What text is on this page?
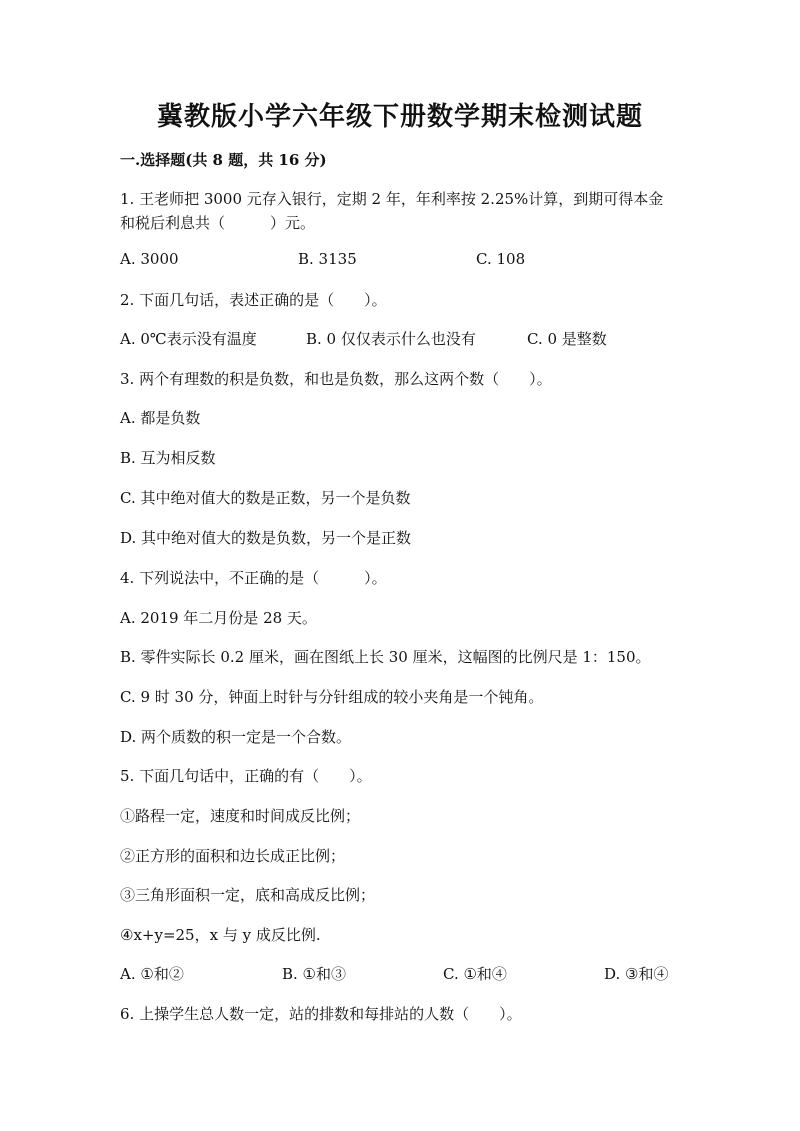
冀教版小学六年级下册数学期末检测试题
一.选择题(共 8 题，共 16 分)
1. 王老师把 3000 元存入银行，定期 2 年，年利率按 2.25%计算，到期可得本金
和税后利息共（　　　）元。
A. 3000	B. 3135	C. 108
2. 下面几句话，表述正确的是（　　）。
A. 0℃表示没有温度	B. 0 仅仅表示什么也没有	C. 0 是整数
3. 两个有理数的积是负数，和也是负数，那么这两个数（　　）。
A. 都是负数
B. 互为相反数
C. 其中绝对值大的数是正数，另一个是负数
D. 其中绝对值大的数是负数，另一个是正数
4. 下列说法中，不正确的是（　　　）。
A. 2019 年二月份是 28 天。
B. 零件实际长 0.2 厘米，画在图纸上长 30 厘米，这幅图的比例尺是 1：150。
C. 9 时 30 分，钟面上时针与分针组成的较小夹角是一个钝角。
D. 两个质数的积一定是一个合数。
5. 下面几句话中，正确的有（　　）。
①路程一定，速度和时间成反比例；
②正方形的面积和边长成正比例；
③三角形面积一定，底和高成反比例；
④x+y=25，x 与 y 成反比例.
A. ①和②	B. ①和③	C. ①和④	D. ③和④
6. 上操学生总人数一定，站的排数和每排站的人数（　　）。
